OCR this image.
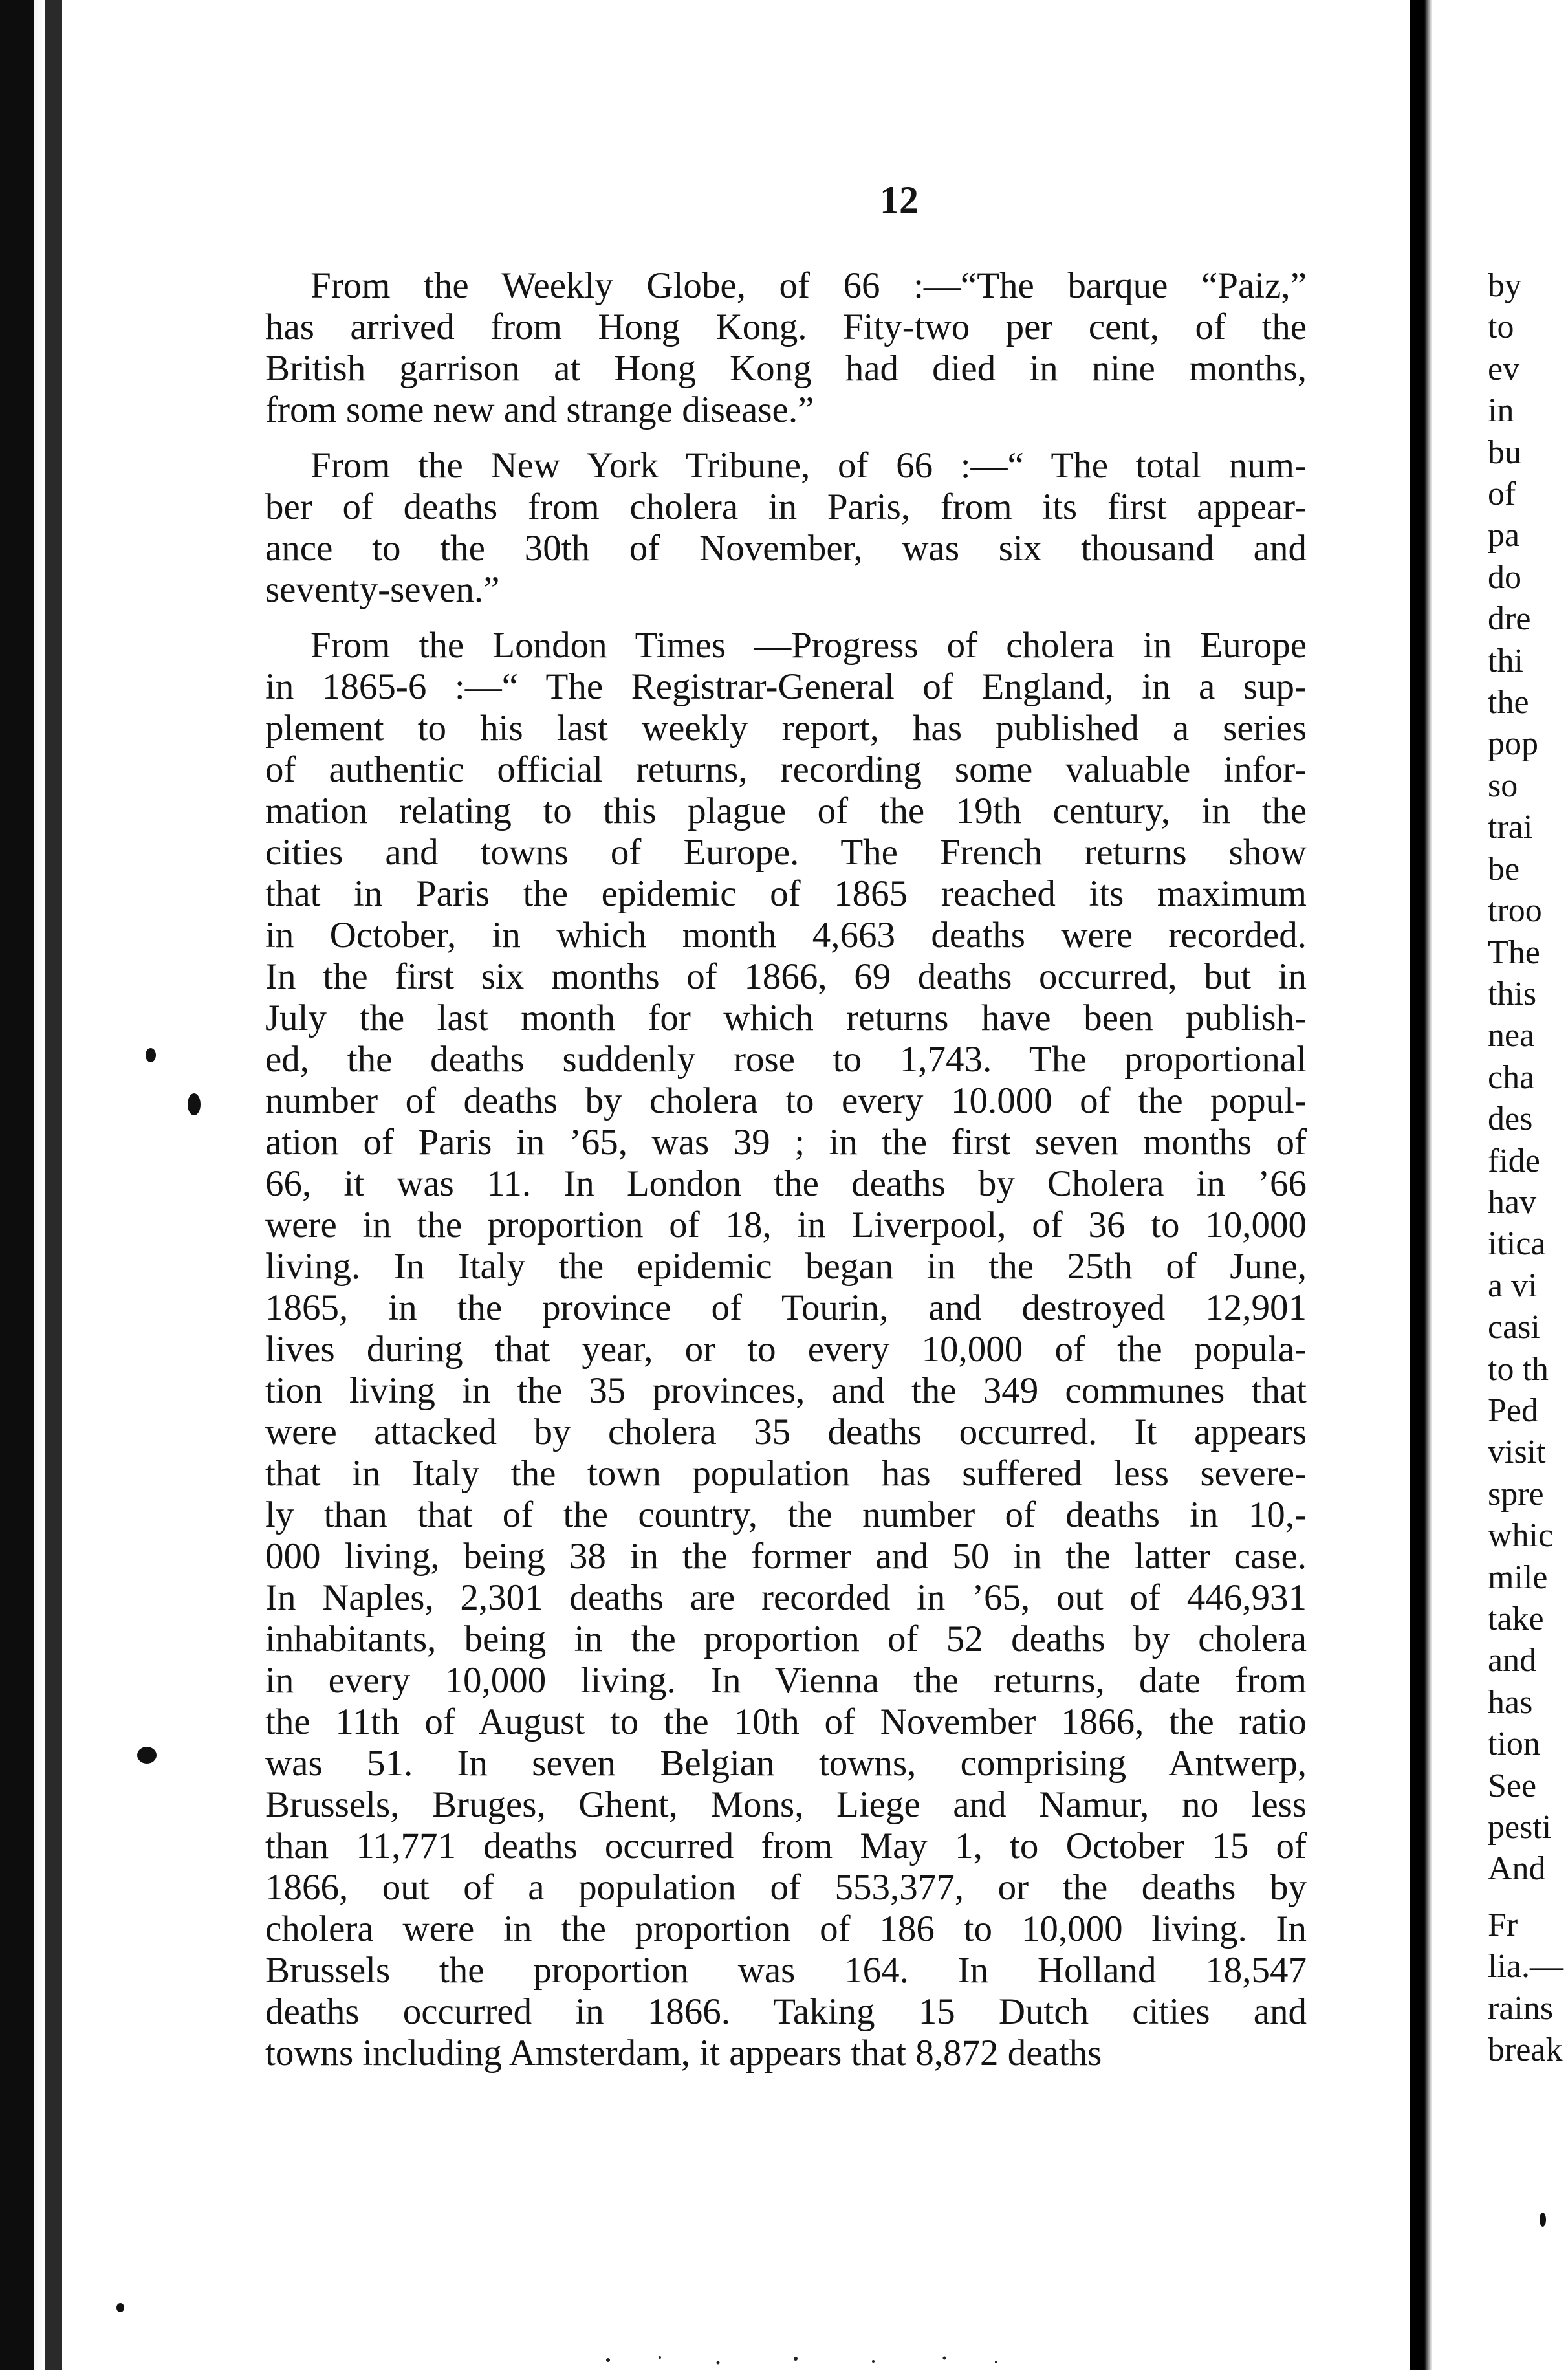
12
From the Weekly Globe, of 66 :—“The barque “Paiz,”
has arrived from Hong Kong. Fity-two per cent, of the
British garrison at Hong Kong had died in nine months,
from some new and strange disease.”
From the New York Tribune, of 66 :—“ The total num-
ber of deaths from cholera in Paris, from its first appear-
ance to the 30th of November, was six thousand and
seventy-seven.”
From the London Times —Progress of cholera in Europe
in 1865-6 :—“ The Registrar-General of England, in a sup-
plement to his last weekly report, has published a series
of authentic official returns, recording some valuable infor-
mation relating to this plague of the 19th century, in the
cities and towns of Europe. The French returns show
that in Paris the epidemic of 1865 reached its maximum
in October, in which month 4,663 deaths were recorded.
In the first six months of 1866, 69 deaths occurred, but in
July the last month for which returns have been publish-
ed, the deaths suddenly rose to 1,743. The proportional
number of deaths by cholera to every 10.000 of the popul-
ation of Paris in ’65, was 39 ; in the first seven months of
66, it was 11. In London the deaths by Cholera in ’66
were in the proportion of 18, in Liverpool, of 36 to 10,000
living. In Italy the epidemic began in the 25th of June,
1865, in the province of Tourin, and destroyed 12,901
lives during that year, or to every 10,000 of the popula-
tion living in the 35 provinces, and the 349 communes that
were attacked by cholera 35 deaths occurred. It appears
that in Italy the town population has suffered less severe-
ly than that of the country, the number of deaths in 10,-
000 living, being 38 in the former and 50 in the latter case.
In Naples, 2,301 deaths are recorded in ’65, out of 446,931
inhabitants, being in the proportion of 52 deaths by cholera
in every 10,000 living. In Vienna the returns, date from
the 11th of August to the 10th of November 1866, the ratio
was 51. In seven Belgian towns, comprising Antwerp,
Brussels, Bruges, Ghent, Mons, Liege and Namur, no less
than 11,771 deaths occurred from May 1, to October 15 of
1866, out of a population of 553,377, or the deaths by
cholera were in the proportion of 186 to 10,000 living. In
Brussels the proportion was 164. In Holland 18,547
deaths occurred in 1866. Taking 15 Dutch cities and
towns including Amsterdam, it appears that 8,872 deaths
by
to
ev
in
bu
of
pa
do
dre
thi
the
pop
so
trai
be
troo
The
this
nea
cha
des
fide
hav
itica
a vi
casi
to th
Ped
visit
spre
whic
mile
take
and
has
tion
See
pesti
And
Fr
lia.—
rains
break
